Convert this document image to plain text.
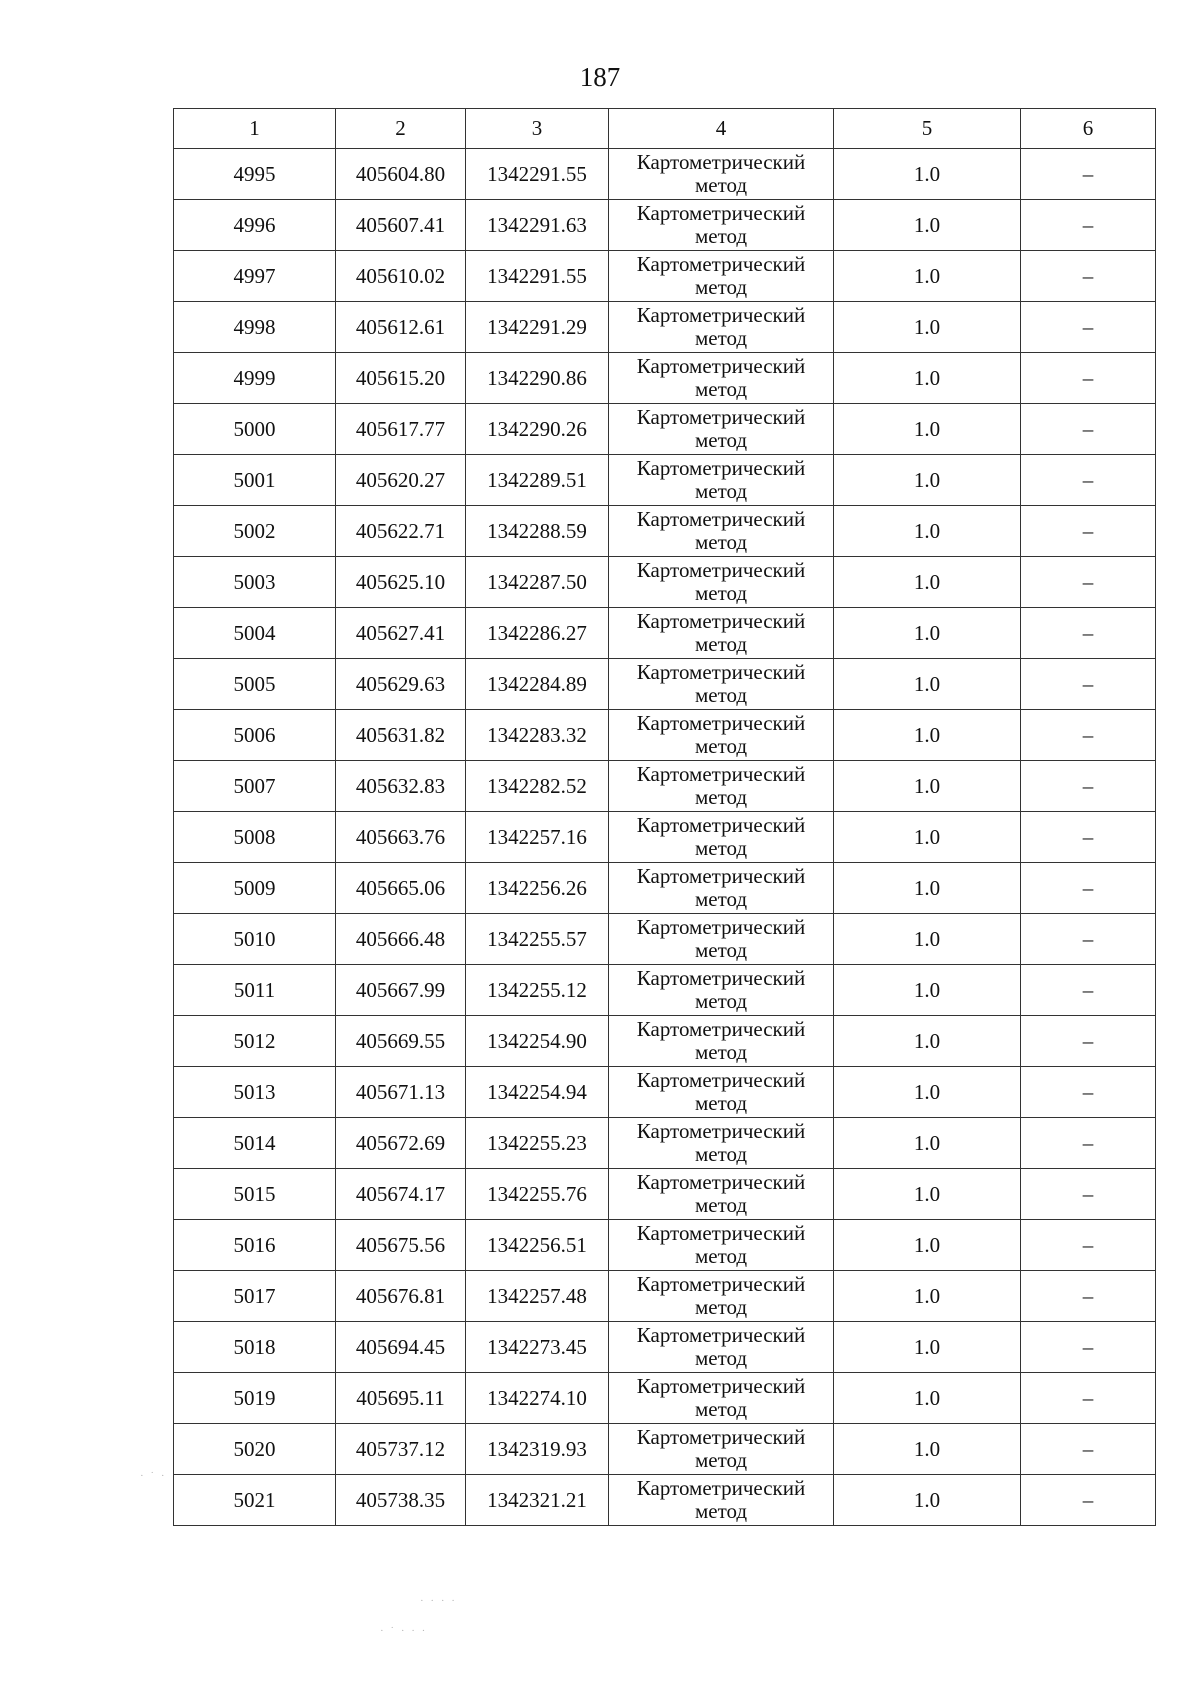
187
1	2	3	4	5	6
4995	405604.80	1342291.55	Картометрический метод	1.0	–
4996	405607.41	1342291.63	Картометрический метод	1.0	–
4997	405610.02	1342291.55	Картометрический метод	1.0	–
4998	405612.61	1342291.29	Картометрический метод	1.0	–
4999	405615.20	1342290.86	Картометрический метод	1.0	–
5000	405617.77	1342290.26	Картометрический метод	1.0	–
5001	405620.27	1342289.51	Картометрический метод	1.0	–
5002	405622.71	1342288.59	Картометрический метод	1.0	–
5003	405625.10	1342287.50	Картометрический метод	1.0	–
5004	405627.41	1342286.27	Картометрический метод	1.0	–
5005	405629.63	1342284.89	Картометрический метод	1.0	–
5006	405631.82	1342283.32	Картометрический метод	1.0	–
5007	405632.83	1342282.52	Картометрический метод	1.0	–
5008	405663.76	1342257.16	Картометрический метод	1.0	–
5009	405665.06	1342256.26	Картометрический метод	1.0	–
5010	405666.48	1342255.57	Картометрический метод	1.0	–
5011	405667.99	1342255.12	Картометрический метод	1.0	–
5012	405669.55	1342254.90	Картометрический метод	1.0	–
5013	405671.13	1342254.94	Картометрический метод	1.0	–
5014	405672.69	1342255.23	Картометрический метод	1.0	–
5015	405674.17	1342255.76	Картометрический метод	1.0	–
5016	405675.56	1342256.51	Картометрический метод	1.0	–
5017	405676.81	1342257.48	Картометрический метод	1.0	–
5018	405694.45	1342273.45	Картометрический метод	1.0	–
5019	405695.11	1342274.10	Картометрический метод	1.0	–
5020	405737.12	1342319.93	Картометрический метод	1.0	–
5021	405738.35	1342321.21	Картометрический метод	1.0	–
· · · ·
· ˙ · · ·
· ˙ ·
